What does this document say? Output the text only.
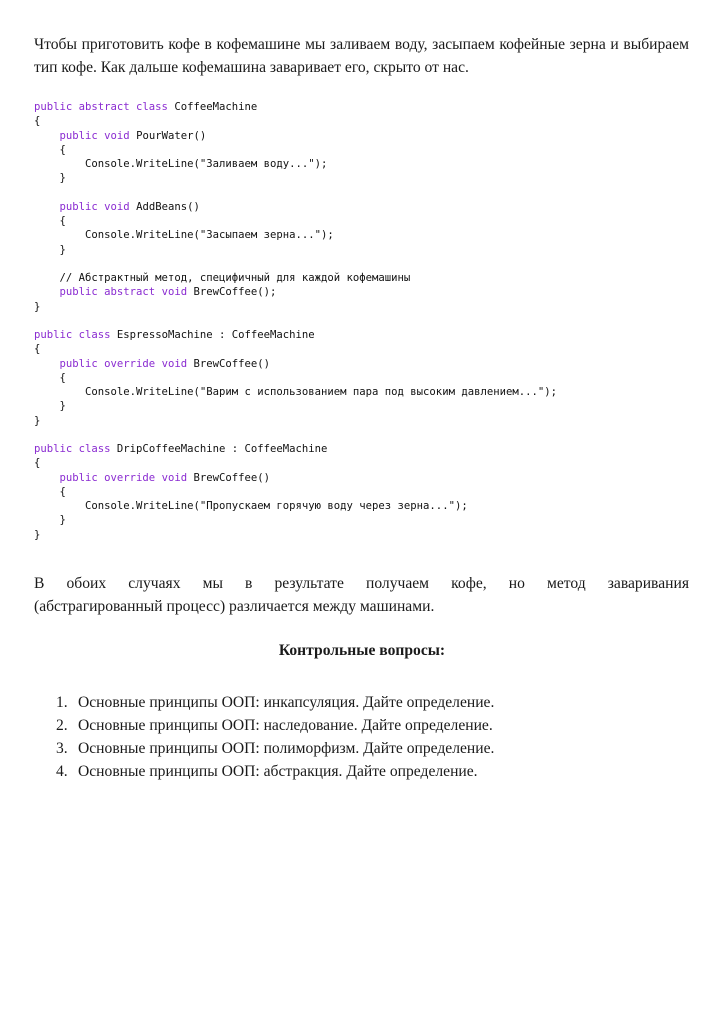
Чтобы приготовить кофе в кофемашине мы заливаем воду, засыпаем кофейные зерна и выбираем тип кофе. Как дальше кофемашина заваривает его, скрыто от нас.

public abstract class CoffeeMachine
{
public void PourWater()
{
Console.WriteLine("Заливаем воду...");
}

public void AddBeans()
{
Console.WriteLine("Засыпаем зерна...");
}

// Абстрактный метод, специфичный для каждой кофемашины
public abstract void BrewCoffee();
}

public class EspressoMachine : CoffeeMachine
{
public override void BrewCoffee()
{
Console.WriteLine("Варим с использованием пара под высоким давлением...");
}
}

public class DripCoffeeMachine : CoffeeMachine
{
public override void BrewCoffee()
{
Console.WriteLine("Пропускаем горячую воду через зерна...");
}
}

В обоих случаях мы в результате получаем кофе, но метод заваривания
(абстрагированный процесс) различается между машинами.

Контрольные вопросы:

1. Основные принципы ООП: инкапсуляция. Дайте определение.
2. Основные принципы ООП: наследование. Дайте определение.
3. Основные принципы ООП: полиморфизм. Дайте определение.
4. Основные принципы ООП: абстракция. Дайте определение.
